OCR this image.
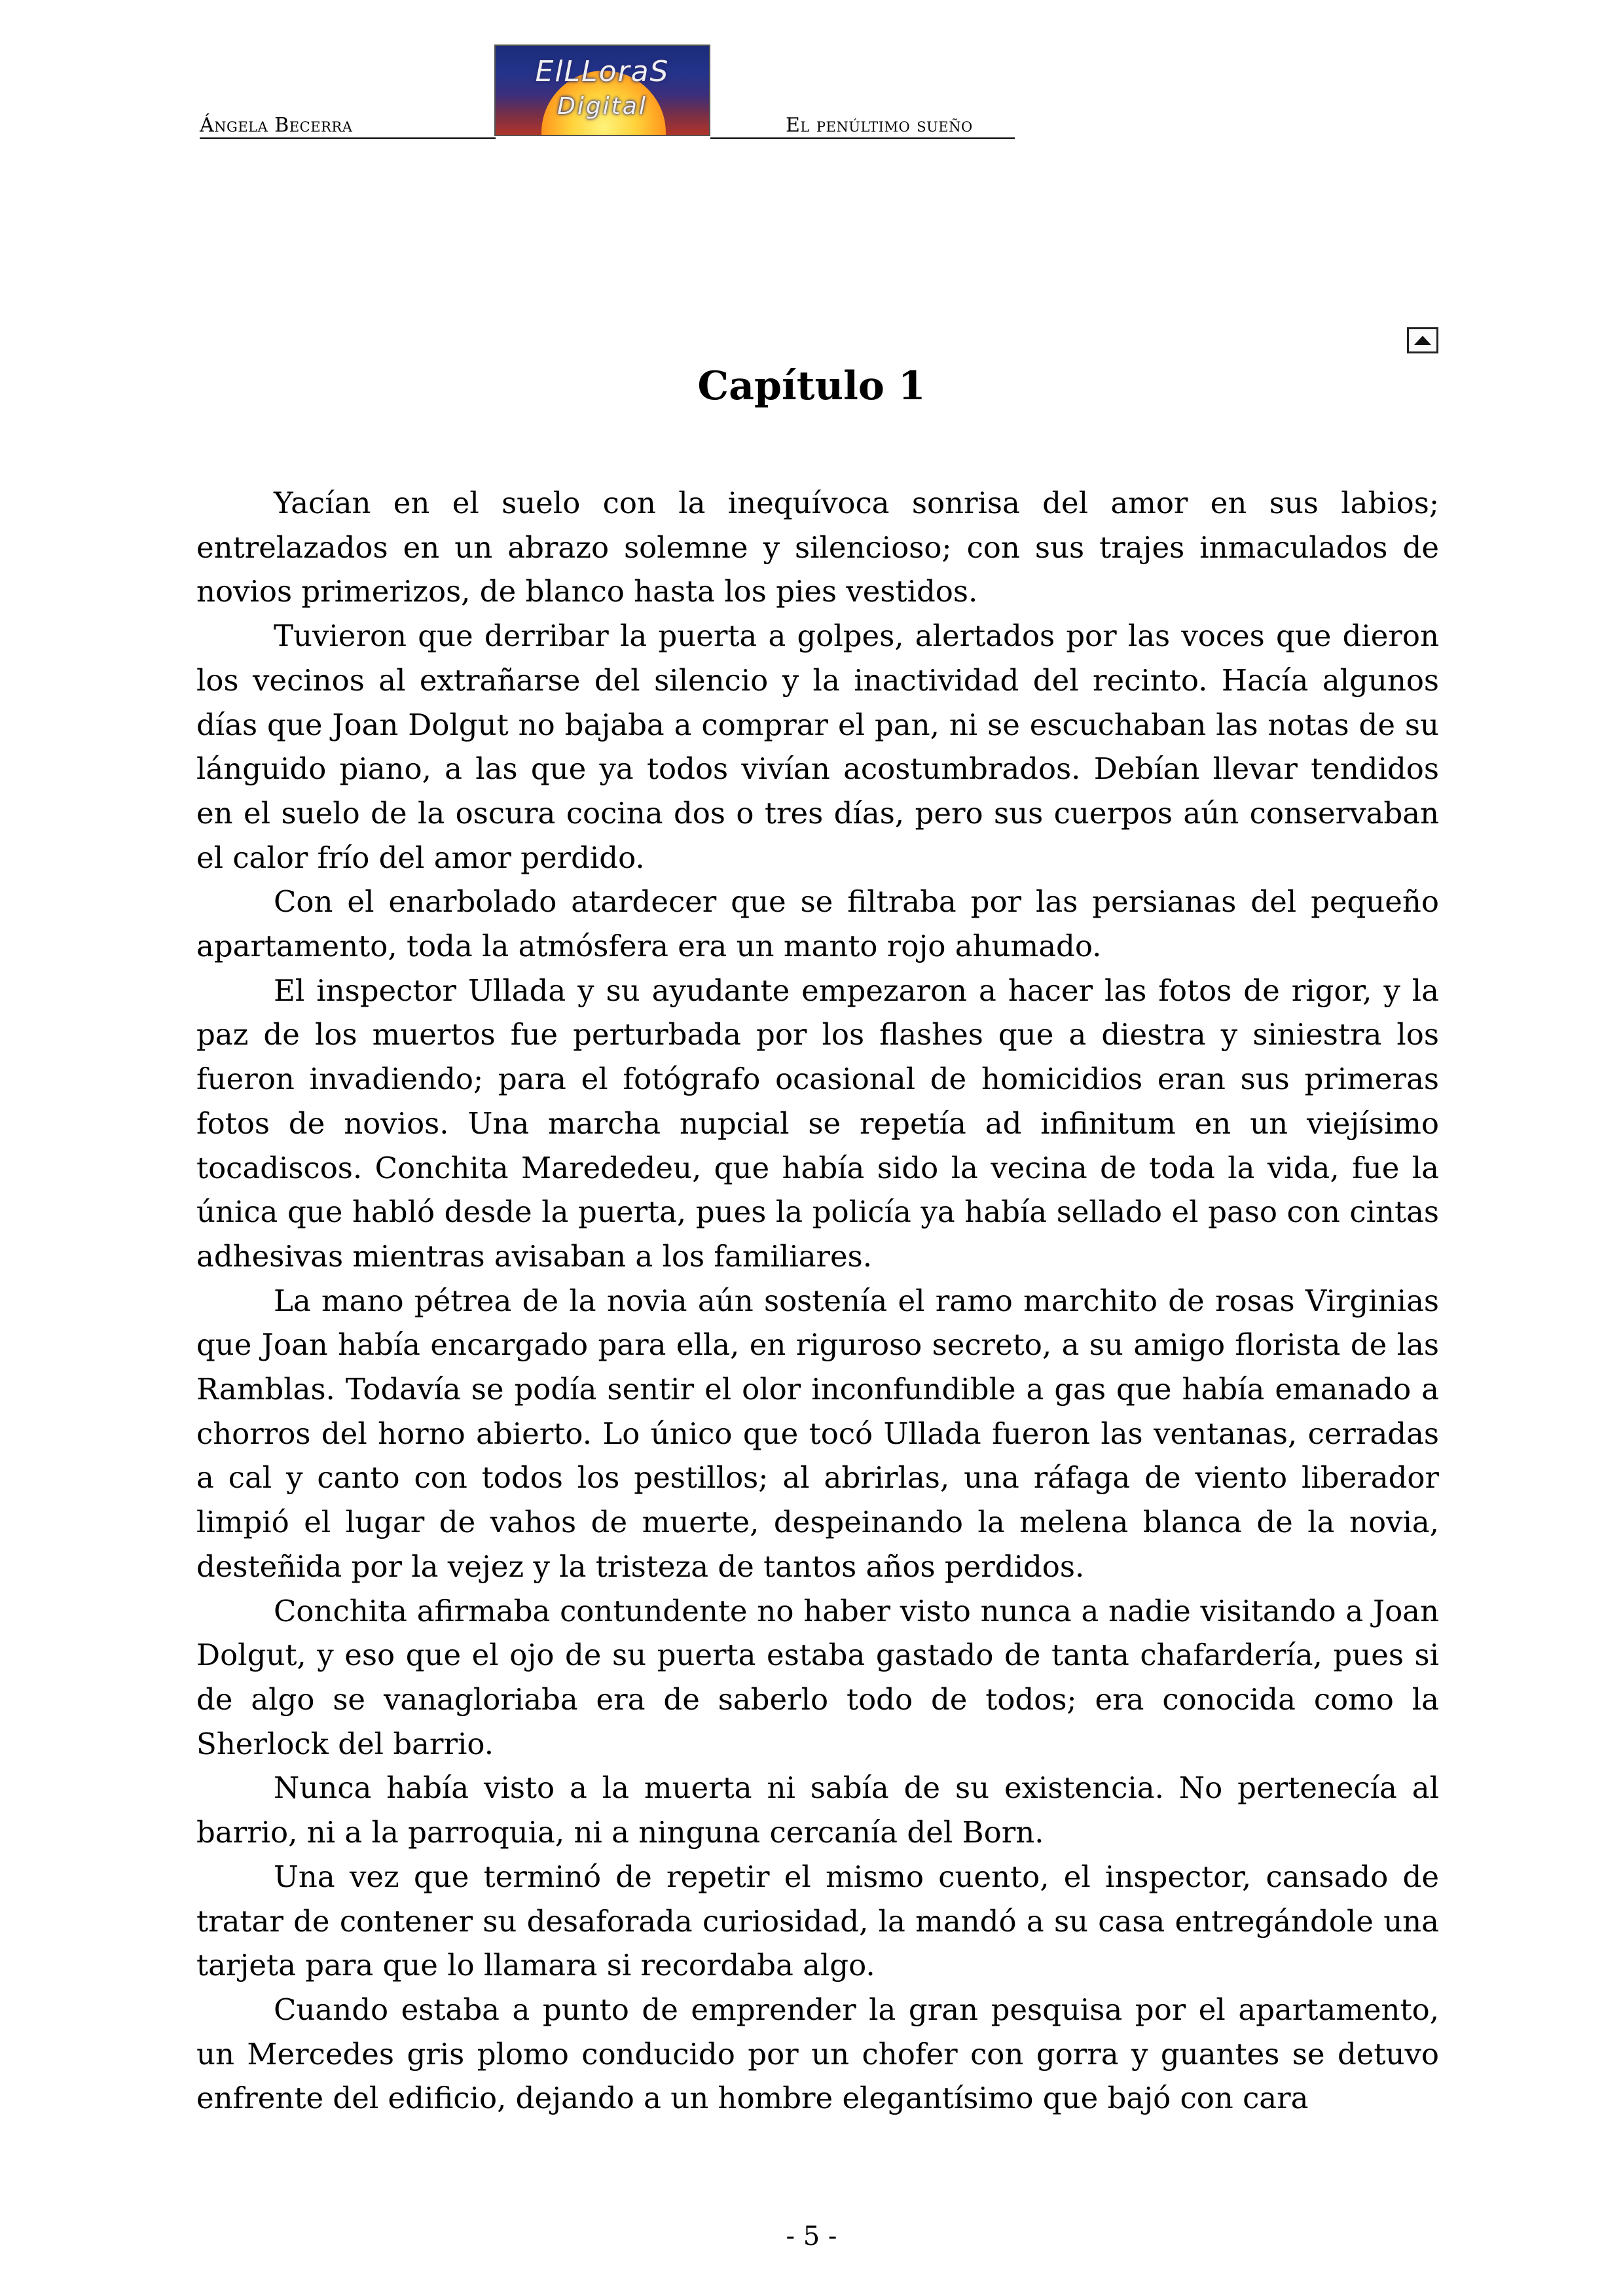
Ángela Becerra
ElLLoraS
Digital
El penúltimo sueño
Capítulo 1

Yacían en el suelo con la inequívoca sonrisa del amor en sus labios; entrelazados en un abrazo solemne y silencioso; con sus trajes inmaculados de novios primerizos, de blanco hasta los pies vestidos.

Tuvieron que derribar la puerta a golpes, alertados por las voces que dieron los vecinos al extrañarse del silencio y la inactividad del recinto. Hacía algunos días que Joan Dolgut no bajaba a comprar el pan, ni se escuchaban las notas de su lánguido piano, a las que ya todos vivían acostumbrados. Debían llevar tendidos en el suelo de la oscura cocina dos o tres días, pero sus cuerpos aún conservaban el calor frío del amor perdido.

Con el enarbolado atardecer que se filtraba por las persianas del pequeño apartamento, toda la atmósfera era un manto rojo ahumado.

El inspector Ullada y su ayudante empezaron a hacer las fotos de rigor, y la paz de los muertos fue perturbada por los flashes que a diestra y siniestra los fueron invadiendo; para el fotógrafo ocasional de homicidios eran sus primeras fotos de novios. Una marcha nupcial se repetía ad infinitum en un viejísimo tocadiscos. Conchita Marededeu, que había sido la vecina de toda la vida, fue la única que habló desde la puerta, pues la policía ya había sellado el paso con cintas adhesivas mientras avisaban a los familiares.

La mano pétrea de la novia aún sostenía el ramo marchito de rosas Virginias que Joan había encargado para ella, en riguroso secreto, a su amigo florista de las Ramblas. Todavía se podía sentir el olor inconfundible a gas que había emanado a chorros del horno abierto. Lo único que tocó Ullada fueron las ventanas, cerradas a cal y canto con todos los pestillos; al abrirlas, una ráfaga de viento liberador limpió el lugar de vahos de muerte, despeinando la melena blanca de la novia, desteñida por la vejez y la tristeza de tantos años perdidos.

Conchita afirmaba contundente no haber visto nunca a nadie visitando a Joan Dolgut, y eso que el ojo de su puerta estaba gastado de tanta chafardería, pues si de algo se vanagloriaba era de saberlo todo de todos; era conocida como la Sherlock del barrio.

Nunca había visto a la muerta ni sabía de su existencia. No pertenecía al barrio, ni a la parroquia, ni a ninguna cercanía del Born.

Una vez que terminó de repetir el mismo cuento, el inspector, cansado de tratar de contener su desaforada curiosidad, la mandó a su casa entregándole una tarjeta para que lo llamara si recordaba algo.

Cuando estaba a punto de emprender la gran pesquisa por el apartamento, un Mercedes gris plomo conducido por un chofer con gorra y guantes se detuvo enfrente del edificio, dejando a un hombre elegantísimo que bajó con cara

- 5 -
